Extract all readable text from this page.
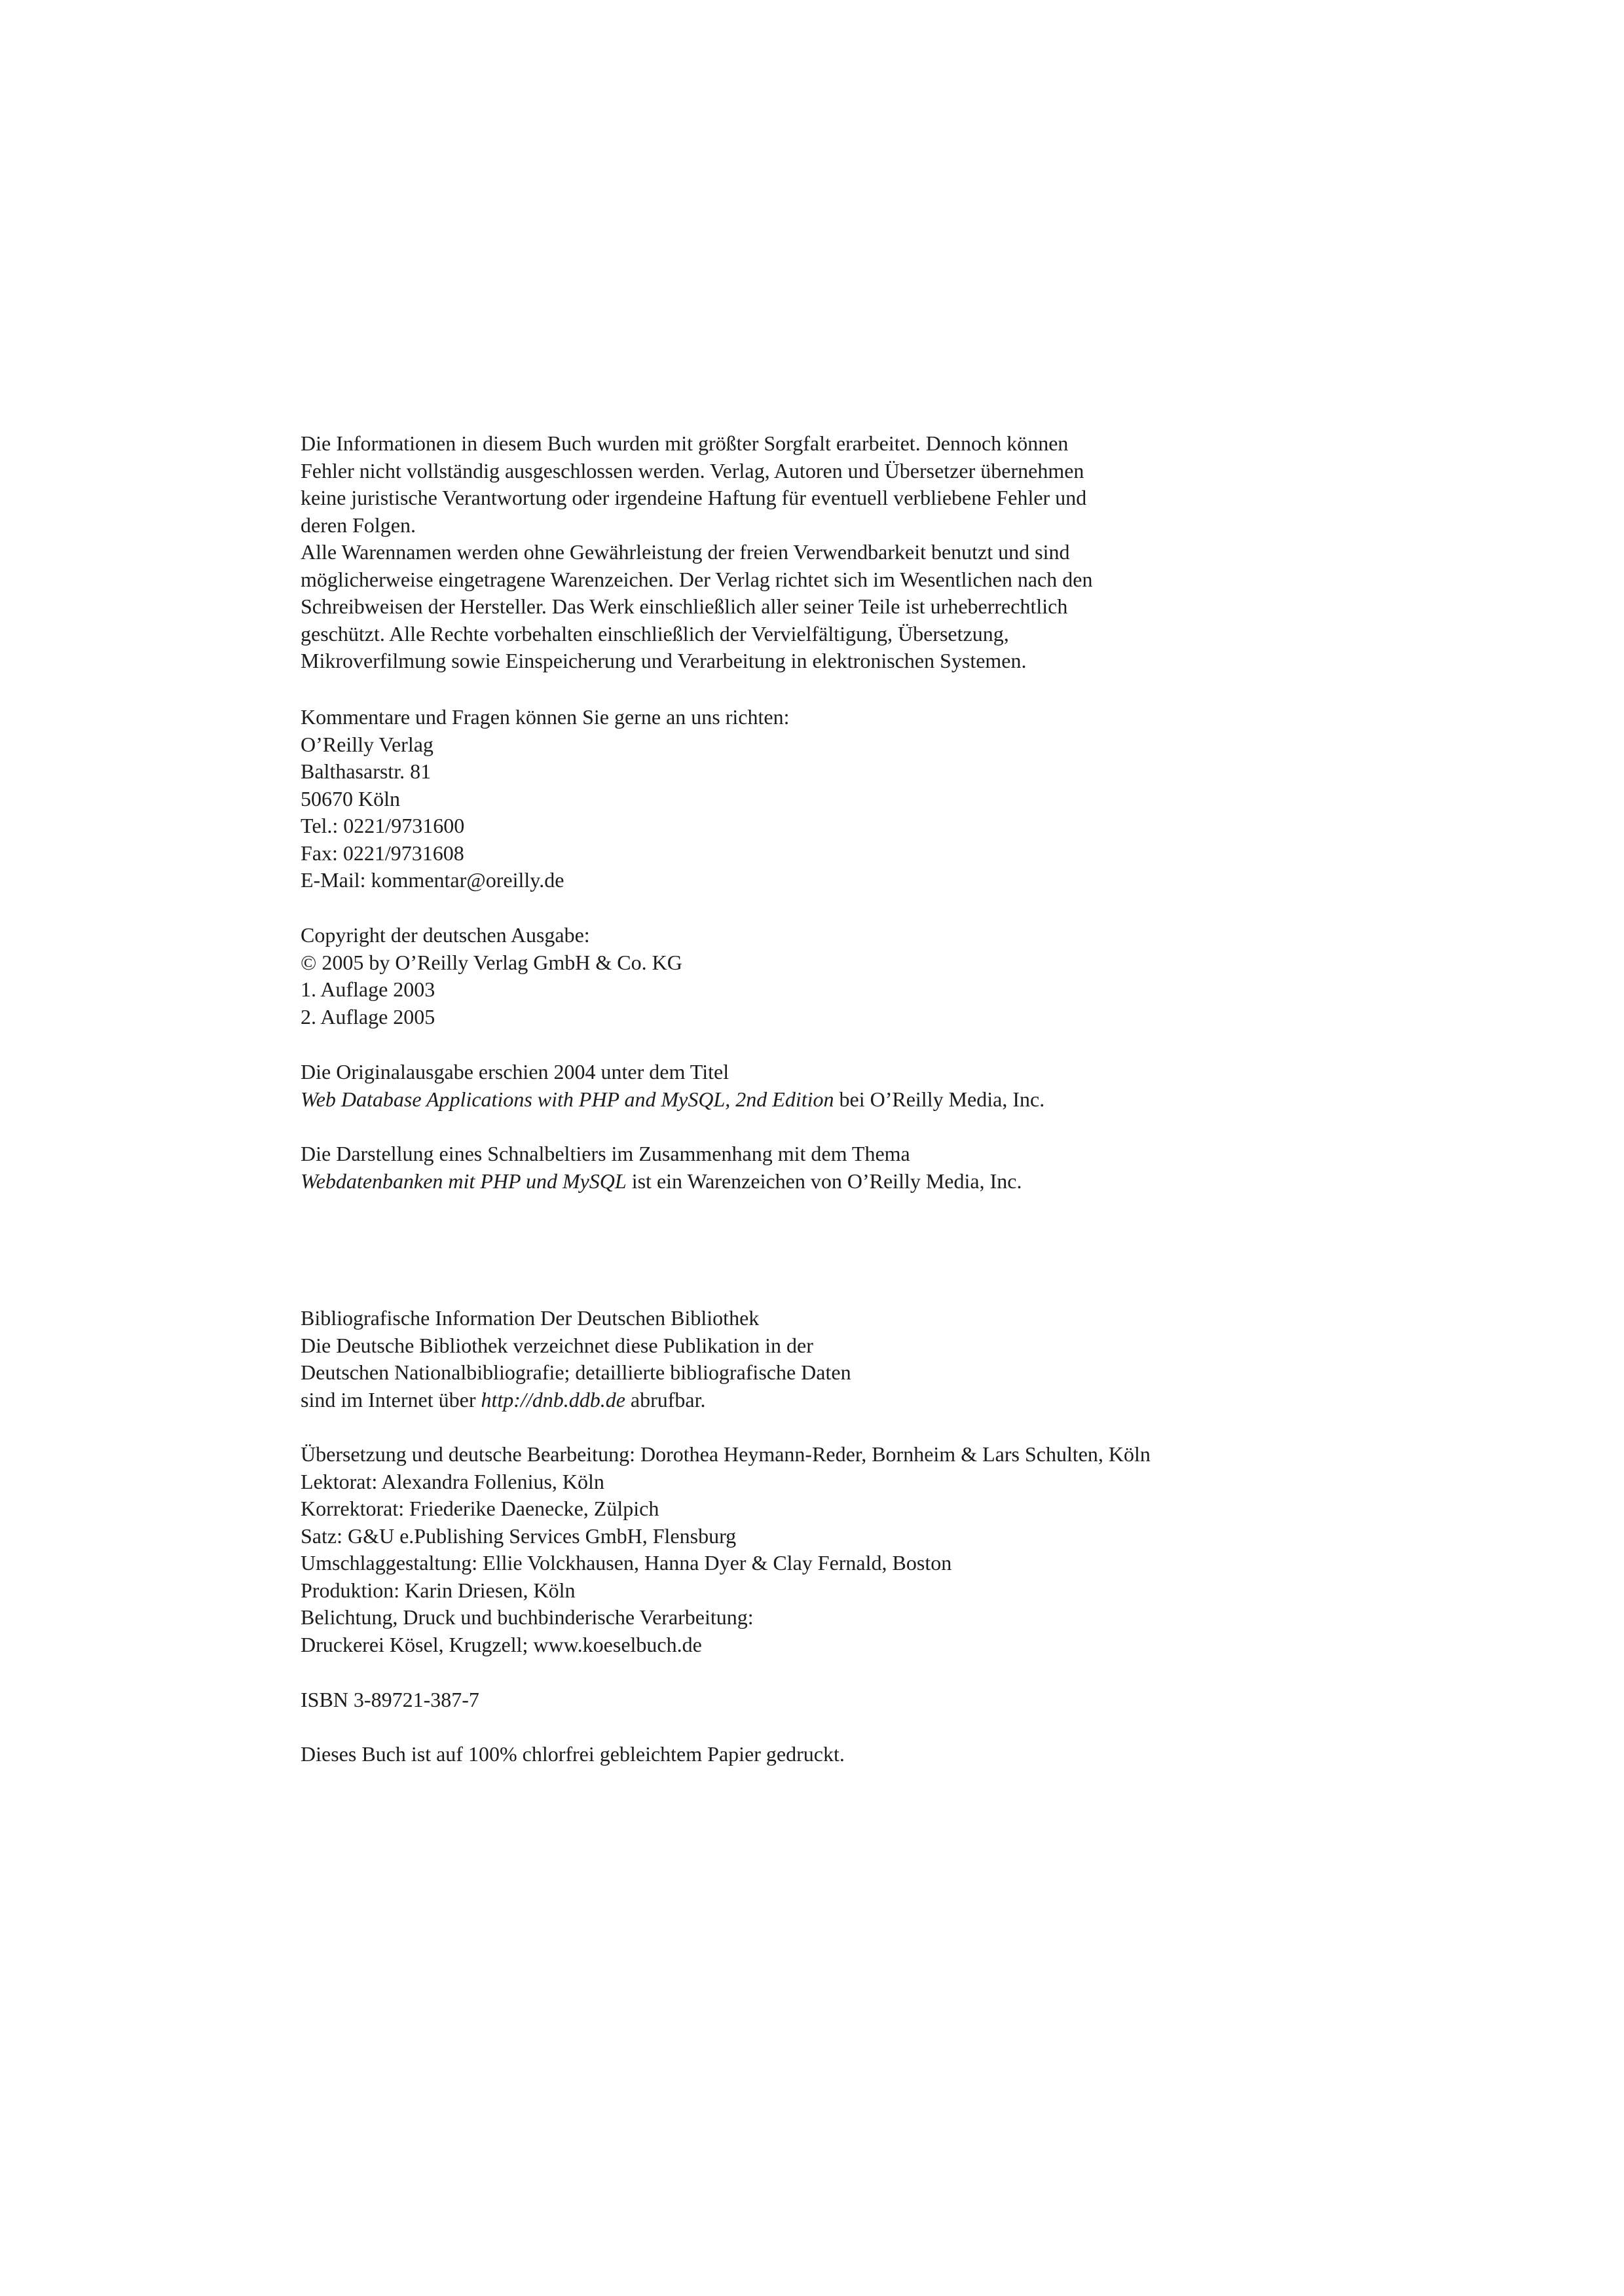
Die Informationen in diesem Buch wurden mit größter Sorgfalt erarbeitet. Dennoch können
Fehler nicht vollständig ausgeschlossen werden. Verlag, Autoren und Übersetzer übernehmen
keine juristische Verantwortung oder irgendeine Haftung für eventuell verbliebene Fehler und
deren Folgen.
Alle Warennamen werden ohne Gewährleistung der freien Verwendbarkeit benutzt und sind
möglicherweise eingetragene Warenzeichen. Der Verlag richtet sich im Wesentlichen nach den
Schreibweisen der Hersteller. Das Werk einschließlich aller seiner Teile ist urheberrechtlich
geschützt. Alle Rechte vorbehalten einschließlich der Vervielfältigung, Übersetzung,
Mikroverfilmung sowie Einspeicherung und Verarbeitung in elektronischen Systemen.
Kommentare und Fragen können Sie gerne an uns richten:
O’Reilly Verlag
Balthasarstr. 81
50670 Köln
Tel.: 0221/9731600
Fax: 0221/9731608
E-Mail: kommentar@oreilly.de
Copyright der deutschen Ausgabe:
© 2005 by O’Reilly Verlag GmbH & Co. KG
1. Auflage 2003
2. Auflage 2005
Die Originalausgabe erschien 2004 unter dem Titel
Web Database Applications with PHP and MySQL, 2nd Edition bei O’Reilly Media, Inc.
Die Darstellung eines Schnalbeltiers im Zusammenhang mit dem Thema
Webdatenbanken mit PHP und MySQL ist ein Warenzeichen von O’Reilly Media, Inc.
Bibliografische Information Der Deutschen Bibliothek
Die Deutsche Bibliothek verzeichnet diese Publikation in der
Deutschen Nationalbibliografie; detaillierte bibliografische Daten
sind im Internet über http://dnb.ddb.de abrufbar.
Übersetzung und deutsche Bearbeitung: Dorothea Heymann-Reder, Bornheim & Lars Schulten, Köln
Lektorat: Alexandra Follenius, Köln
Korrektorat: Friederike Daenecke, Zülpich
Satz: G&U e.Publishing Services GmbH, Flensburg
Umschlaggestaltung: Ellie Volckhausen, Hanna Dyer & Clay Fernald, Boston
Produktion: Karin Driesen, Köln
Belichtung, Druck und buchbinderische Verarbeitung:
Druckerei Kösel, Krugzell; www.koeselbuch.de
ISBN 3-89721-387-7
Dieses Buch ist auf 100% chlorfrei gebleichtem Papier gedruckt.
